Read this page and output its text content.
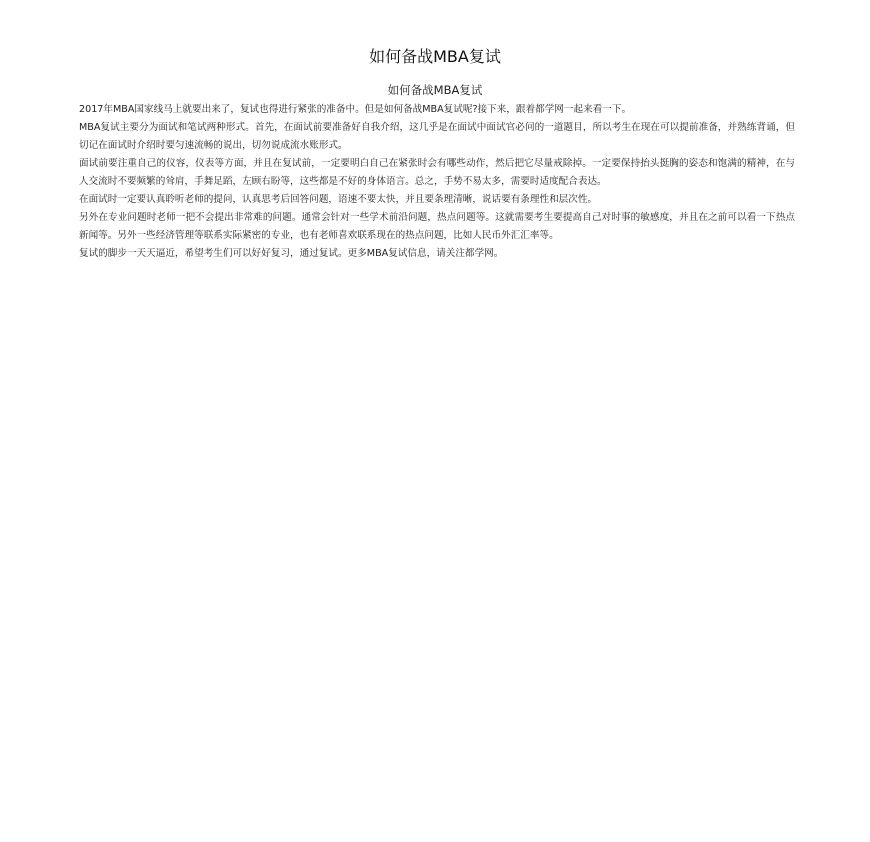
如何备战MBA复试
如何备战MBA复试

2017年MBA国家线马上就要出来了，复试也得进行紧张的准备中。但是如何备战MBA复试呢?接下来，跟着都学网一起来看一下。

MBA复试主要分为面试和笔试两种形式。首先，在面试前要准备好自我介绍，这几乎是在面试中面试官必问的一道题目，所以考生在现在可以提前准备，并熟练背诵，但切记在面试时介绍时要匀速流畅的说出，切勿说成流水账形式。

面试前要注重自己的仪容，仪表等方面，并且在复试前，一定要明白自己在紧张时会有哪些动作，然后把它尽量戒除掉。一定要保持抬头挺胸的姿态和饱满的精神，在与人交流时不要频繁的耸肩，手舞足蹈，左顾右盼等，这些都是不好的身体语言。总之，手势不易太多，需要时适度配合表达。

在面试时一定要认真聆听老师的提问，认真思考后回答问题，语速不要太快，并且要条理清晰，说话要有条理性和层次性。

另外在专业问题时老师一把不会提出非常难的问题。通常会针对一些学术前沿问题，热点问题等。这就需要考生要提高自己对时事的敏感度，并且在之前可以看一下热点新闻等。另外一些经济管理等联系实际紧密的专业，也有老师喜欢联系现在的热点问题，比如人民币外汇汇率等。

复试的脚步一天天逼近，希望考生们可以好好复习，通过复试。更多MBA复试信息，请关注都学网。
